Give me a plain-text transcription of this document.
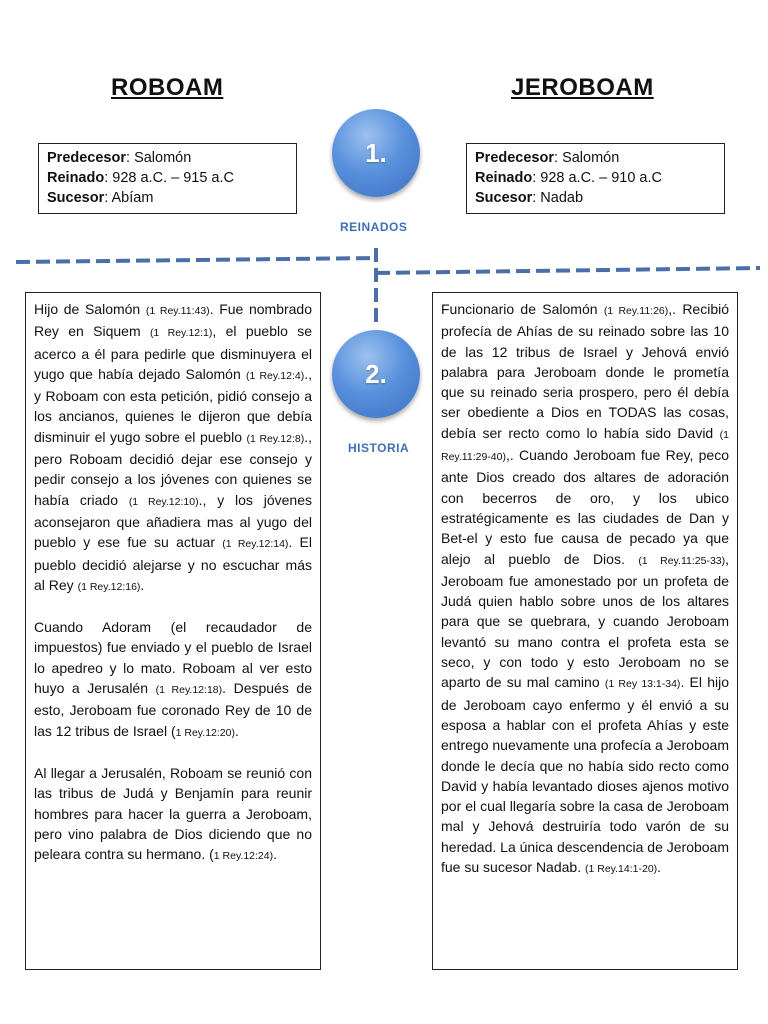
ROBOAM	JEROBOAM
Predecesor: Salomón
Reinado: 928 a.C. – 915 a.C
Sucesor: Abíam
Predecesor: Salomón
Reinado: 928 a.C. – 910 a.C
Sucesor: Nadab
1.
REINADOS
2.
HISTORIA

Hijo de Salomón (1 Rey.11:43). Fue nombrado Rey en Siquem (1 Rey.12:1), el pueblo se acerco a él para pedirle que disminuyera el yugo que había dejado Salomón (1 Rey.12:4)., y Roboam con esta petición, pidió consejo a los ancianos, quienes le dijeron que debía disminuir el yugo sobre el pueblo (1 Rey.12:8)., pero Roboam decidió dejar ese consejo y pedir consejo a los jóvenes con quienes se había criado (1 Rey.12:10)., y los jóvenes aconsejaron que añadiera mas al yugo del pueblo y ese fue su actuar (1 Rey.12:14). El pueblo decidió alejarse y no escuchar más al Rey (1 Rey.12:16).

Cuando Adoram (el recaudador de impuestos) fue enviado y el pueblo de Israel lo apedreo y lo mato. Roboam al ver esto huyo a Jerusalén (1 Rey.12:18). Después de esto, Jeroboam fue coronado Rey de 10 de las 12 tribus de Israel (1 Rey.12:20).

Al llegar a Jerusalén, Roboam se reunió con las tribus de Judá y Benjamín para reunir hombres para hacer la guerra a Jeroboam, pero vino palabra de Dios diciendo que no peleara contra su hermano. (1 Rey.12:24).

Funcionario de Salomón (1 Rey.11:26),. Recibió profecía de Ahías de su reinado sobre las 10 de las 12 tribus de Israel y Jehová envió palabra para Jeroboam donde le prometía que su reinado seria prospero, pero él debía ser obediente a Dios en TODAS las cosas, debía ser recto como lo había sido David (1 Rey.11:29-40),. Cuando Jeroboam fue Rey, peco ante Dios creado dos altares de adoración con becerros de oro, y los ubico estratégicamente es las ciudades de Dan y Bet-el y esto fue causa de pecado ya que alejo al pueblo de Dios. (1 Rey.11:25-33), Jeroboam fue amonestado por un profeta de Judá quien hablo sobre unos de los altares para que se quebrara, y cuando Jeroboam levantó su mano contra el profeta esta se seco, y con todo y esto Jeroboam no se aparto de su mal camino (1 Rey 13:1-34). El hijo de Jeroboam cayo enfermo y él envió a su esposa a hablar con el profeta Ahías y este entrego nuevamente una profecía a Jeroboam donde le decía que no había sido recto como David y había levantado dioses ajenos motivo por el cual llegaría sobre la casa de Jeroboam mal y Jehová destruiría todo varón de su heredad. La única descendencia de Jeroboam fue su sucesor Nadab. (1 Rey.14:1-20).
